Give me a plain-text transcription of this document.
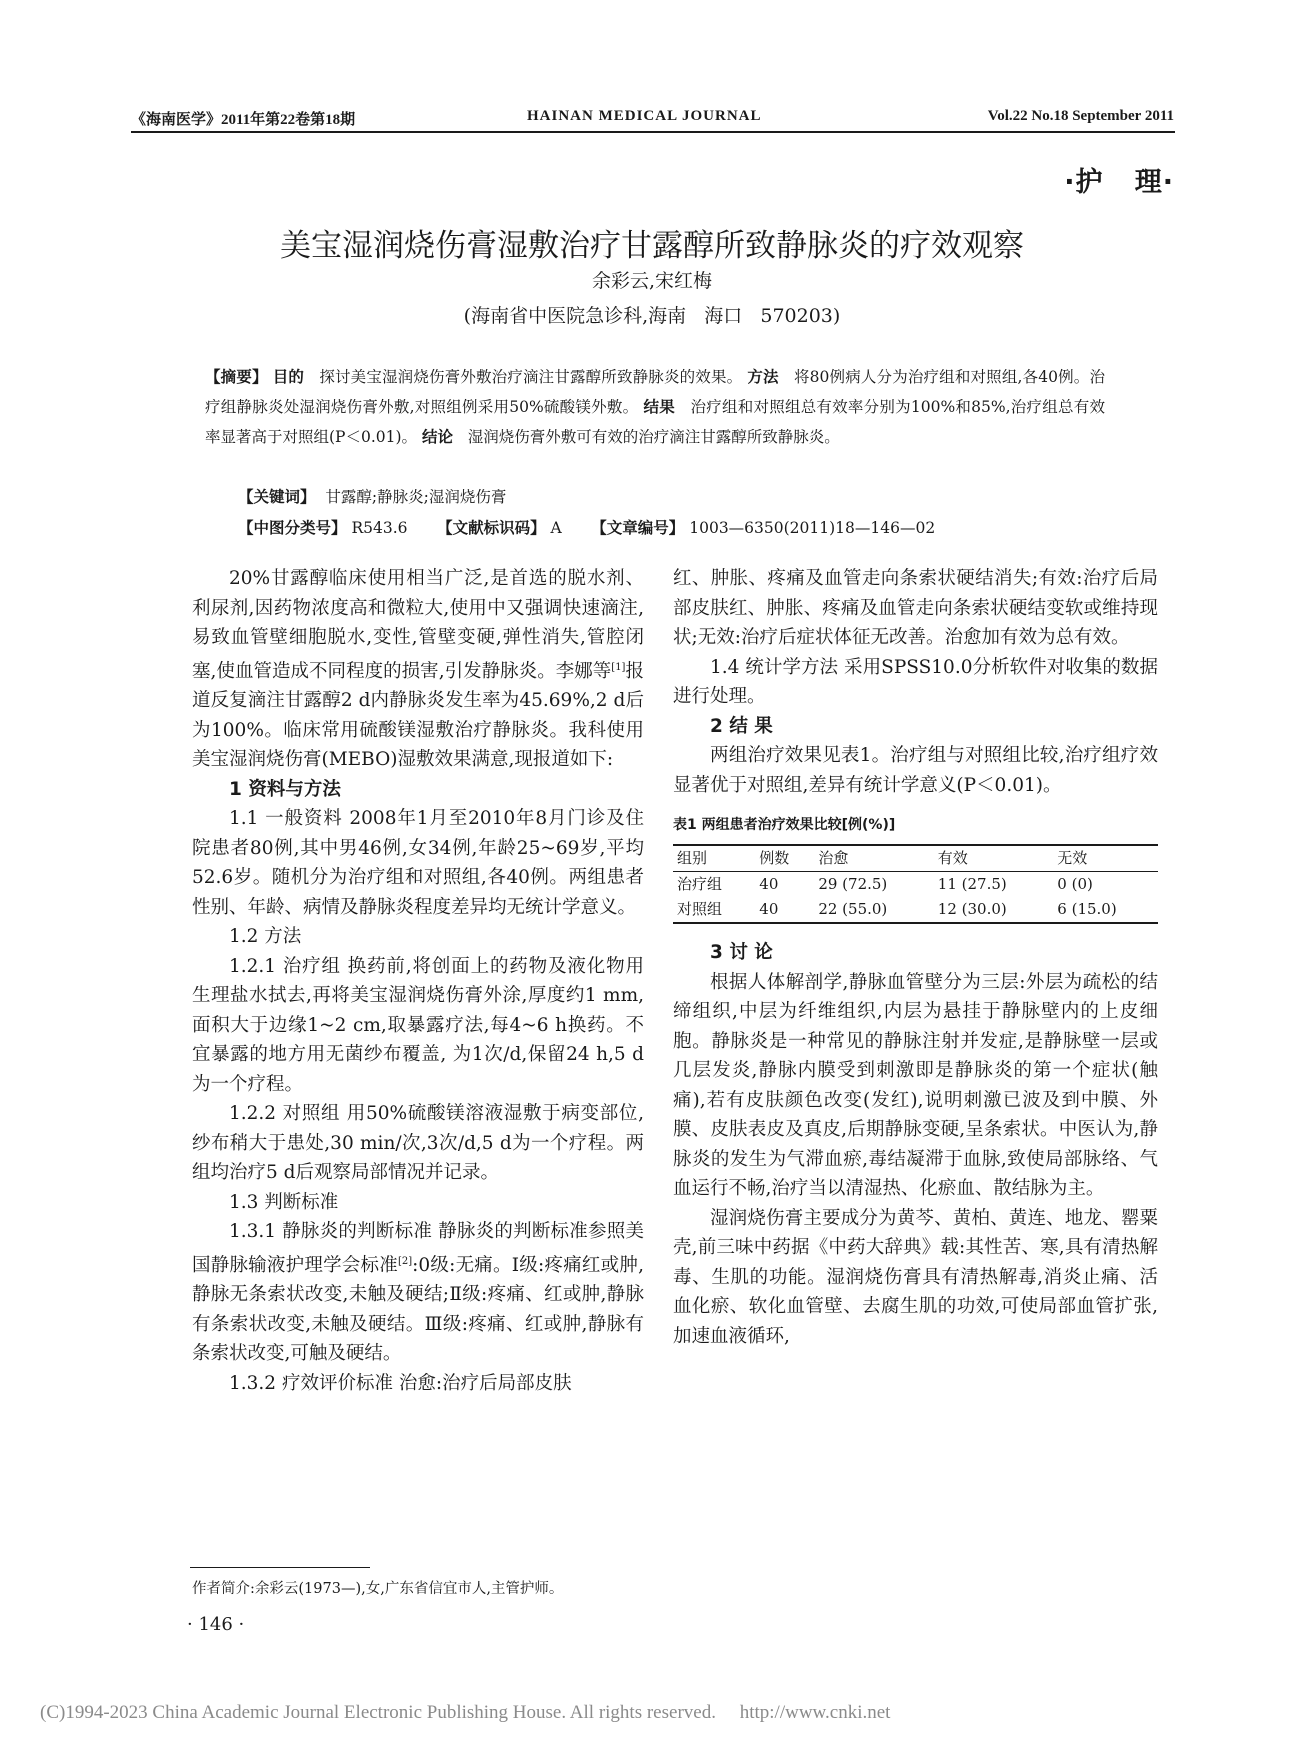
《海南医学》2011年第22卷第18期	HAINAN MEDICAL JOURNAL	Vol.22 No.18 September 2011
·护   理·
美宝湿润烧伤膏湿敷治疗甘露醇所致静脉炎的疗效观察
余彩云,宋红梅
(海南省中医院急诊科,海南   海口   570203)
【摘要】 目的 探讨美宝湿润烧伤膏外敷治疗滴注甘露醇所致静脉炎的效果。 方法 将80例病人分为治疗组和对照组,各40例。治疗组静脉炎处湿润烧伤膏外敷,对照组例采用50%硫酸镁外敷。 结果 治疗组和对照组总有效率分别为100%和85%,治疗组总有效率显著高于对照组(P＜0.01)。 结论 湿润烧伤膏外敷可有效的治疗滴注甘露醇所致静脉炎。
【关键词】 甘露醇;静脉炎;湿润烧伤膏
【中图分类号】 R543.6 【文献标识码】 A 【文章编号】 1003—6350(2011)18—146—02

20%甘露醇临床使用相当广泛,是首选的脱水剂、利尿剂,因药物浓度高和微粒大,使用中又强调快速滴注,易致血管壁细胞脱水,变性,管壁变硬,弹性消失,管腔闭塞,使血管造成不同程度的损害,引发静脉炎。李娜等[1]报道反复滴注甘露醇2 d内静脉炎发生率为45.69%,2 d后为100%。临床常用硫酸镁湿敷治疗静脉炎。我科使用美宝湿润烧伤膏(MEBO)湿敷效果满意,现报道如下:

1 资料与方法

1.1 一般资料 2008年1月至2010年8月门诊及住院患者80例,其中男46例,女34例,年龄25~69岁,平均52.6岁。随机分为治疗组和对照组,各40例。两组患者性别、年龄、病情及静脉炎程度差异均无统计学意义。

1.2 方法

1.2.1 治疗组 换药前,将创面上的药物及液化物用生理盐水拭去,再将美宝湿润烧伤膏外涂,厚度约1 mm,面积大于边缘1~2 cm,取暴露疗法,每4~6 h换药。不宜暴露的地方用无菌纱布覆盖, 为1次/d,保留24 h,5 d为一个疗程。

1.2.2 对照组 用50%硫酸镁溶液湿敷于病变部位,纱布稍大于患处,30 min/次,3次/d,5 d为一个疗程。两组均治疗5 d后观察局部情况并记录。

1.3 判断标准

1.3.1 静脉炎的判断标准 静脉炎的判断标准参照美国静脉输液护理学会标准[2]:0级:无痛。Ⅰ级:疼痛红或肿,静脉无条索状改变,未触及硬结;Ⅱ级:疼痛、红或肿,静脉有条索状改变,未触及硬结。Ⅲ级:疼痛、红或肿,静脉有条索状改变,可触及硬结。

1.3.2 疗效评价标准 治愈:治疗后局部皮肤

红、肿胀、疼痛及血管走向条索状硬结消失;有效:治疗后局部皮肤红、肿胀、疼痛及血管走向条索状硬结变软或维持现状;无效:治疗后症状体征无改善。治愈加有效为总有效。

1.4 统计学方法 采用SPSS10.0分析软件对收集的数据进行处理。

2 结 果

两组治疗效果见表1。治疗组与对照组比较,治疗组疗效显著优于对照组,差异有统计学意义(P＜0.01)。

表1 两组患者治疗效果比较[例(%)]
组别	例数	治愈	有效	无效
治疗组	40	29 (72.5)	11 (27.5)	0 (0)
对照组	40	22 (55.0)	12 (30.0)	6 (15.0)
3 讨 论

根据人体解剖学,静脉血管壁分为三层:外层为疏松的结缔组织,中层为纤维组织,内层为悬挂于静脉壁内的上皮细胞。静脉炎是一种常见的静脉注射并发症,是静脉壁一层或几层发炎,静脉内膜受到刺激即是静脉炎的第一个症状(触痛),若有皮肤颜色改变(发红),说明刺激已波及到中膜、外膜、皮肤表皮及真皮,后期静脉变硬,呈条索状。中医认为,静脉炎的发生为气滞血瘀,毒结凝滞于血脉,致使局部脉络、气血运行不畅,治疗当以清湿热、化瘀血、散结脉为主。

湿润烧伤膏主要成分为黄芩、黄柏、黄连、地龙、罂粟壳,前三味中药据《中药大辞典》载:其性苦、寒,具有清热解毒、生肌的功能。湿润烧伤膏具有清热解毒,消炎止痛、活血化瘀、软化血管壁、去腐生肌的功效,可使局部血管扩张,加速血液循环,

作者简介:余彩云(1973—),女,广东省信宜市人,主管护师。
· 146 ·
(C)1994-2023 China Academic Journal Electronic Publishing House. All rights reserved.     http://www.cnki.net
